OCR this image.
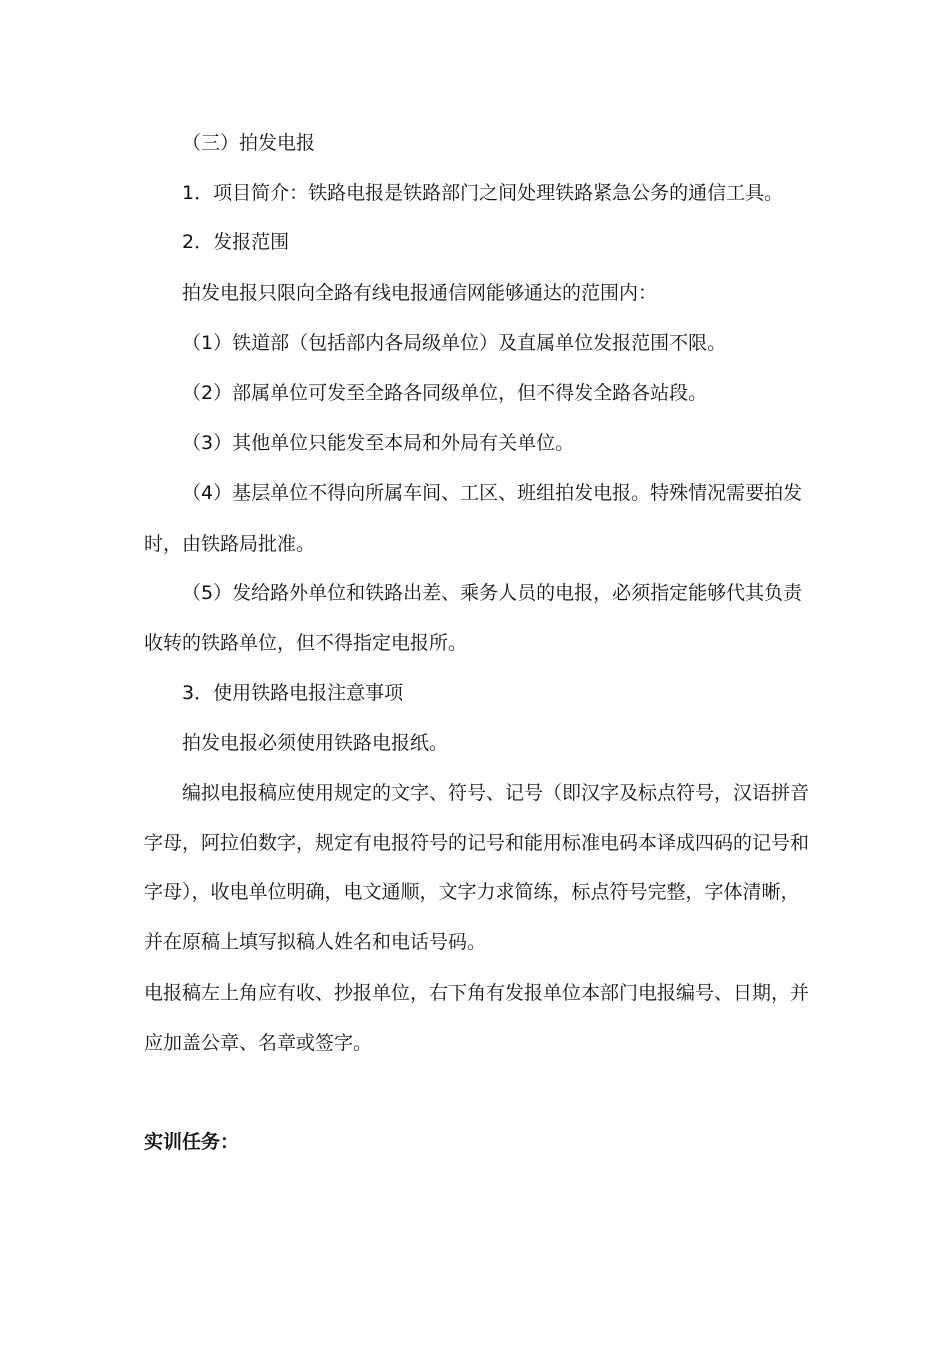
（三）拍发电报
1．项目简介：铁路电报是铁路部门之间处理铁路紧急公务的通信工具。
2．发报范围
拍发电报只限向全路有线电报通信网能够通达的范围内：
（1）铁道部（包括部内各局级单位）及直属单位发报范围不限。
（2）部属单位可发至全路各同级单位，但不得发全路各站段。
（3）其他单位只能发至本局和外局有关单位。
（4）基层单位不得向所属车间、工区、班组拍发电报。特殊情况需要拍发
时，由铁路局批准。
（5）发给路外单位和铁路出差、乘务人员的电报，必须指定能够代其负责
收转的铁路单位，但不得指定电报所。
3．使用铁路电报注意事项
拍发电报必须使用铁路电报纸。
编拟电报稿应使用规定的文字、符号、记号（即汉字及标点符号，汉语拼音
字母，阿拉伯数字，规定有电报符号的记号和能用标准电码本译成四码的记号和
字母），收电单位明确，电文通顺，文字力求简练，标点符号完整，字体清晰，
并在原稿上填写拟稿人姓名和电话号码。
电报稿左上角应有收、抄报单位，右下角有发报单位本部门电报编号、日期，并
应加盖公章、名章或签字。
实训任务：
